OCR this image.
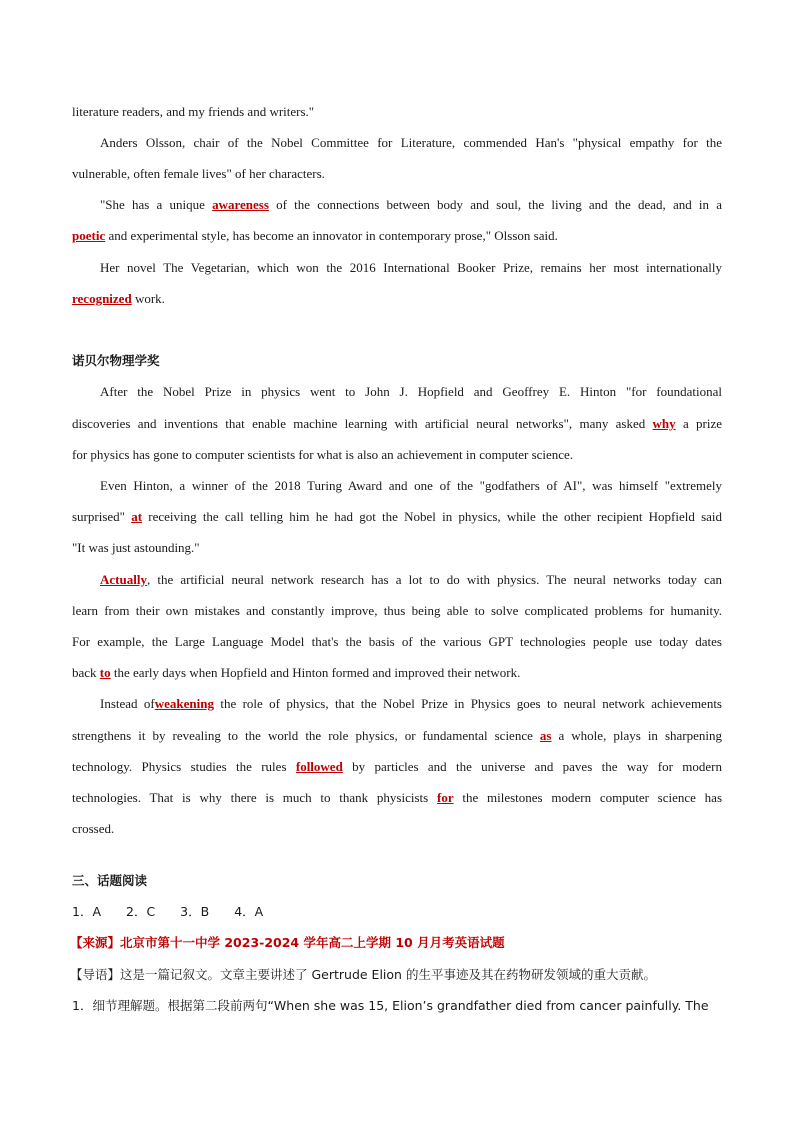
literature readers, and my friends and writers."
Anders Olsson, chair of the Nobel Committee for Literature, commended Han's "physical empathy for the
vulnerable, often female lives" of her characters.
"She has a unique awareness of the connections between body and soul, the living and the dead, and in a
poetic and experimental style, has become an innovator in contemporary prose," Olsson said.
Her novel The Vegetarian, which won the 2016 International Booker Prize, remains her most internationally
recognized work.
诺贝尔物理学奖
After the Nobel Prize in physics went to John J. Hopfield and Geoffrey E. Hinton "for foundational
discoveries and inventions that enable machine learning with artificial neural networks", many asked why a prize
for physics has gone to computer scientists for what is also an achievement in computer science.
Even Hinton, a winner of the 2018 Turing Award and one of the "godfathers of AI", was himself "extremely
surprised" at receiving the call telling him he had got the Nobel in physics, while the other recipient Hopfield said
"It was just astounding."
Actually, the artificial neural network research has a lot to do with physics. The neural networks today can
learn from their own mistakes and constantly improve, thus being able to solve complicated problems for humanity.
For example, the Large Language Model that's the basis of the various GPT technologies people use today dates
back to the early days when Hopfield and Hinton formed and improved their network.
Instead ofweakening the role of physics, that the Nobel Prize in Physics goes to neural network achievements
strengthens it by revealing to the world the role physics, or fundamental science as a whole, plays in sharpening
technology. Physics studies the rules followed by particles and the universe and paves the way for modern
technologies. That is why there is much to thank physicists for the milestones modern computer science has
crossed.
三、话题阅读
1．A　　2．C　　3．B　　4．A
【来源】北京市第十一中学 2023-2024 学年高二上学期 10 月月考英语试题
【导语】这是一篇记叙文。文章主要讲述了 Gertrude Elion 的生平事迹及其在药物研发领域的重大贡献。
1．细节理解题。根据第二段前两句“When she was 15, Elion’s grandfather died from cancer painfully. The
